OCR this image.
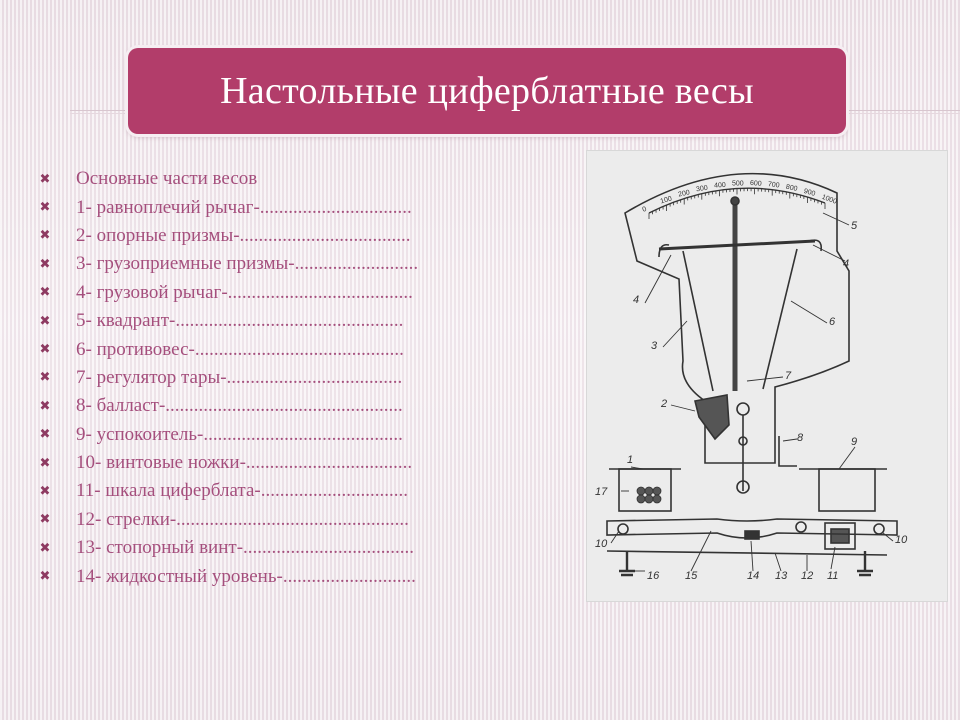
Настольные циферблатные весы
✖ Основные части весов
✖ 1- равноплечий рычаг-................................
✖ 2- опорные призмы-....................................
✖ 3- грузоприемные призмы-..........................
✖ 4- грузовой рычаг-.......................................
✖ 5- квадрант-................................................
✖ 6- противовес-............................................
✖ 7- регулятор тары-.....................................
✖ 8- балласт-..................................................
✖ 9- успокоитель-..........................................
✖ 10- винтовые ножки-...................................
✖ 11- шкала циферблата-...............................
✖ 12- стрелки-.................................................
✖ 13- стопорный винт-....................................
✖ 14- жидкостный уровень-............................
0
100
200
300 400 500 600 700 800 900
1000
1
2
3
4
4
5
6
7
8	9
10	10
11
12
13
14
15
16
17
